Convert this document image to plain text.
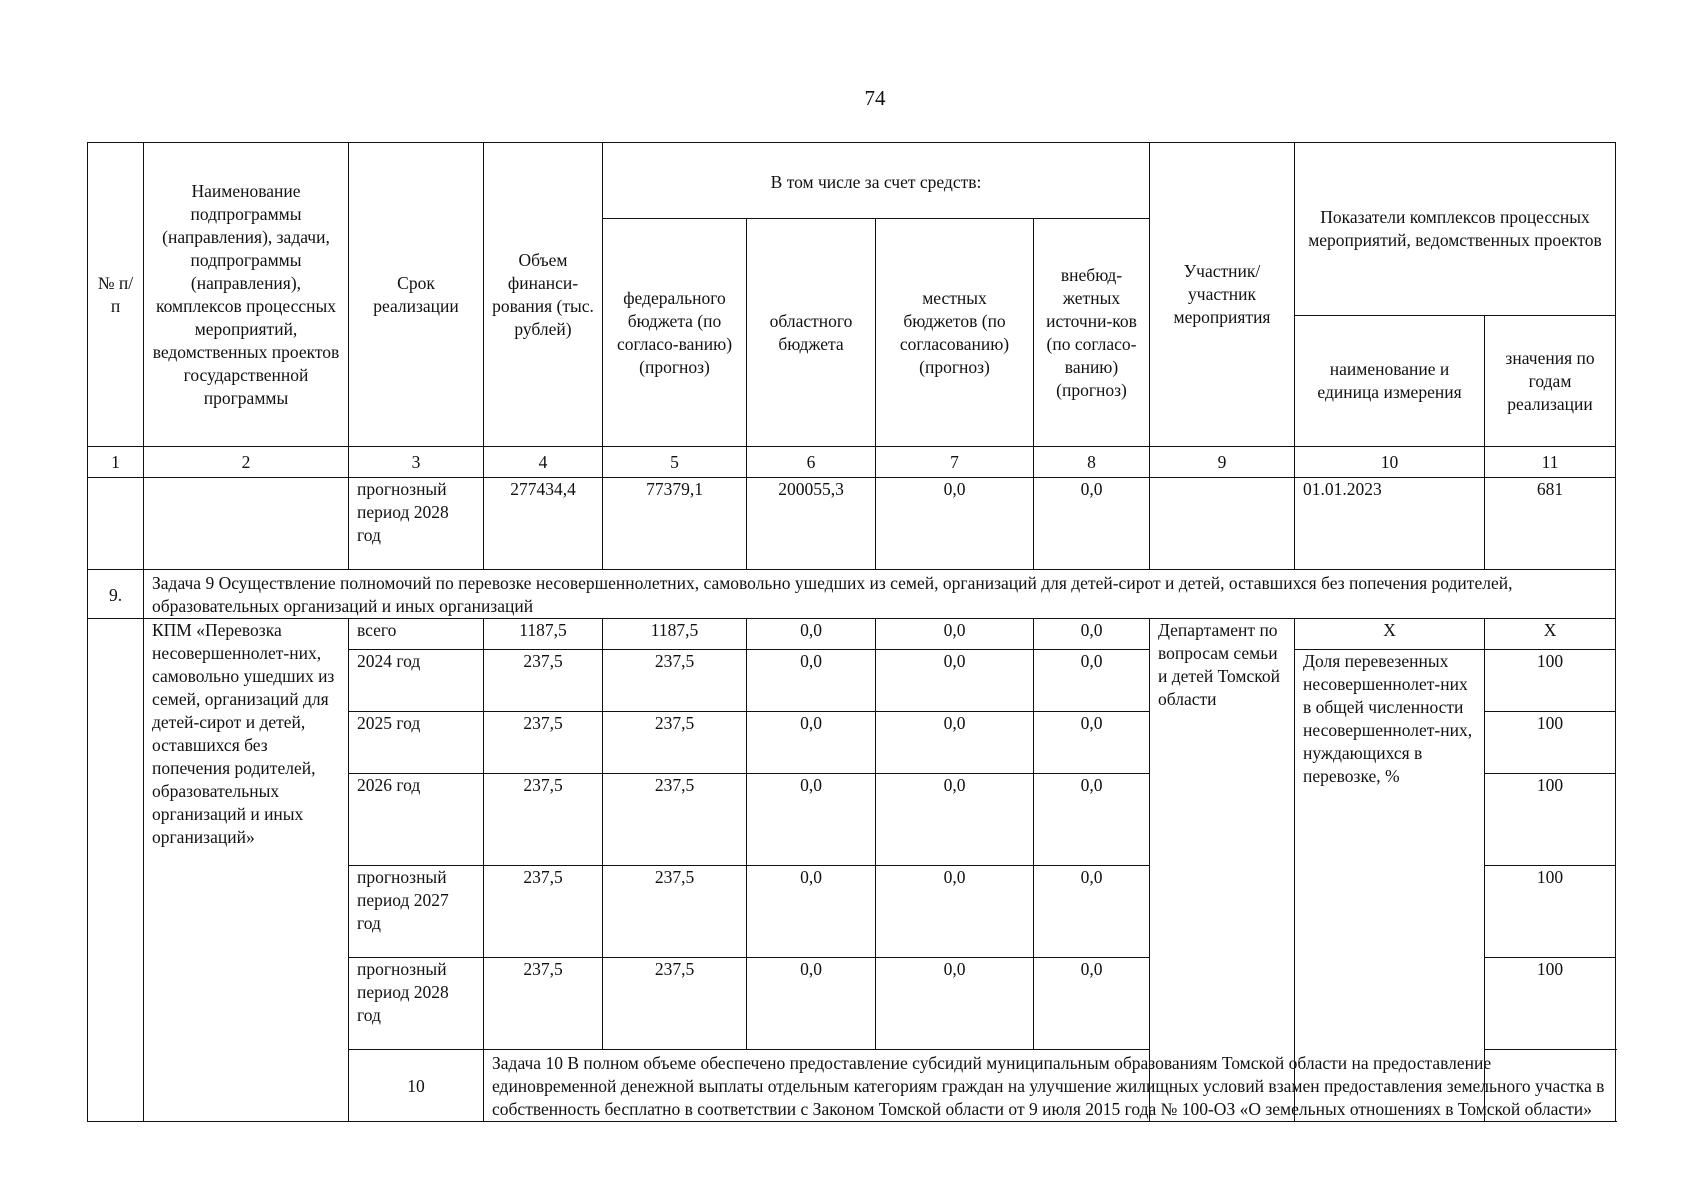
74
№ п/п	Наименование подпрограммы (направления), задачи, подпрограммы (направления), комплексов процессных мероприятий, ведомственных проектов государственной программы	Срок реализации	Объем финанси-рования (тыс. рублей)	В том числе за счет средств:				Участник/ участник мероприятия	Показатели комплексов процессных мероприятий, ведомственных проектов	
				федерального бюджета (по согласо-ванию) (прогноз)	областного бюджета	местных бюджетов (по согласованию) (прогноз)	внебюд-жетных источни-ков (по согласо-ванию) (прогноз)			
									наименование и единица измерения	значения по годам реализации
1	2	3	4	5	6	7	8	9	10	11
		прогнозный период 2028 год	277434,4	77379,1	200055,3	0,0	0,0		01.01.2023	681
9.	Задача 9 Осуществление полномочий по перевозке несовершеннолетних, самовольно ушедших из семей, организаций для детей-сирот и детей, оставшихся без попечения родителей, образовательных организаций и иных организаций									
	КПМ «Перевозка несовершеннолет-них, самовольно ушедших из семей, организаций для детей-сирот и детей, оставшихся без попечения родителей, образовательных организаций и иных организаций»	всего	1187,5	1187,5	0,0	0,0	0,0	Департамент по вопросам семьи и детей Томской области	Х	Х
		2024 год	237,5	237,5	0,0	0,0	0,0		Доля перевезенных несовершеннолет-них в общей численности несовершеннолет-них, нуждающихся в перевозке, %	100
		2025 год	237,5	237,5	0,0	0,0	0,0			100
		2026 год	237,5	237,5	0,0	0,0	0,0			100
		прогнозный период 2027 год	237,5	237,5	0,0	0,0	0,0			100
		прогнозный период 2028 год	237,5	237,5	0,0	0,0	0,0			100
		10	Задача 10 В полном объеме обеспечено предоставление субсидий муниципальным образованиям Томской области на предоставление единовременной денежной выплаты отдельным категориям граждан на улучшение жилищных условий взамен предоставления земельного участка в собственность бесплатно в соответствии с Законом Томской области от 9 июля 2015 года № 100-ОЗ «О земельных отношениях в Томской области»							
